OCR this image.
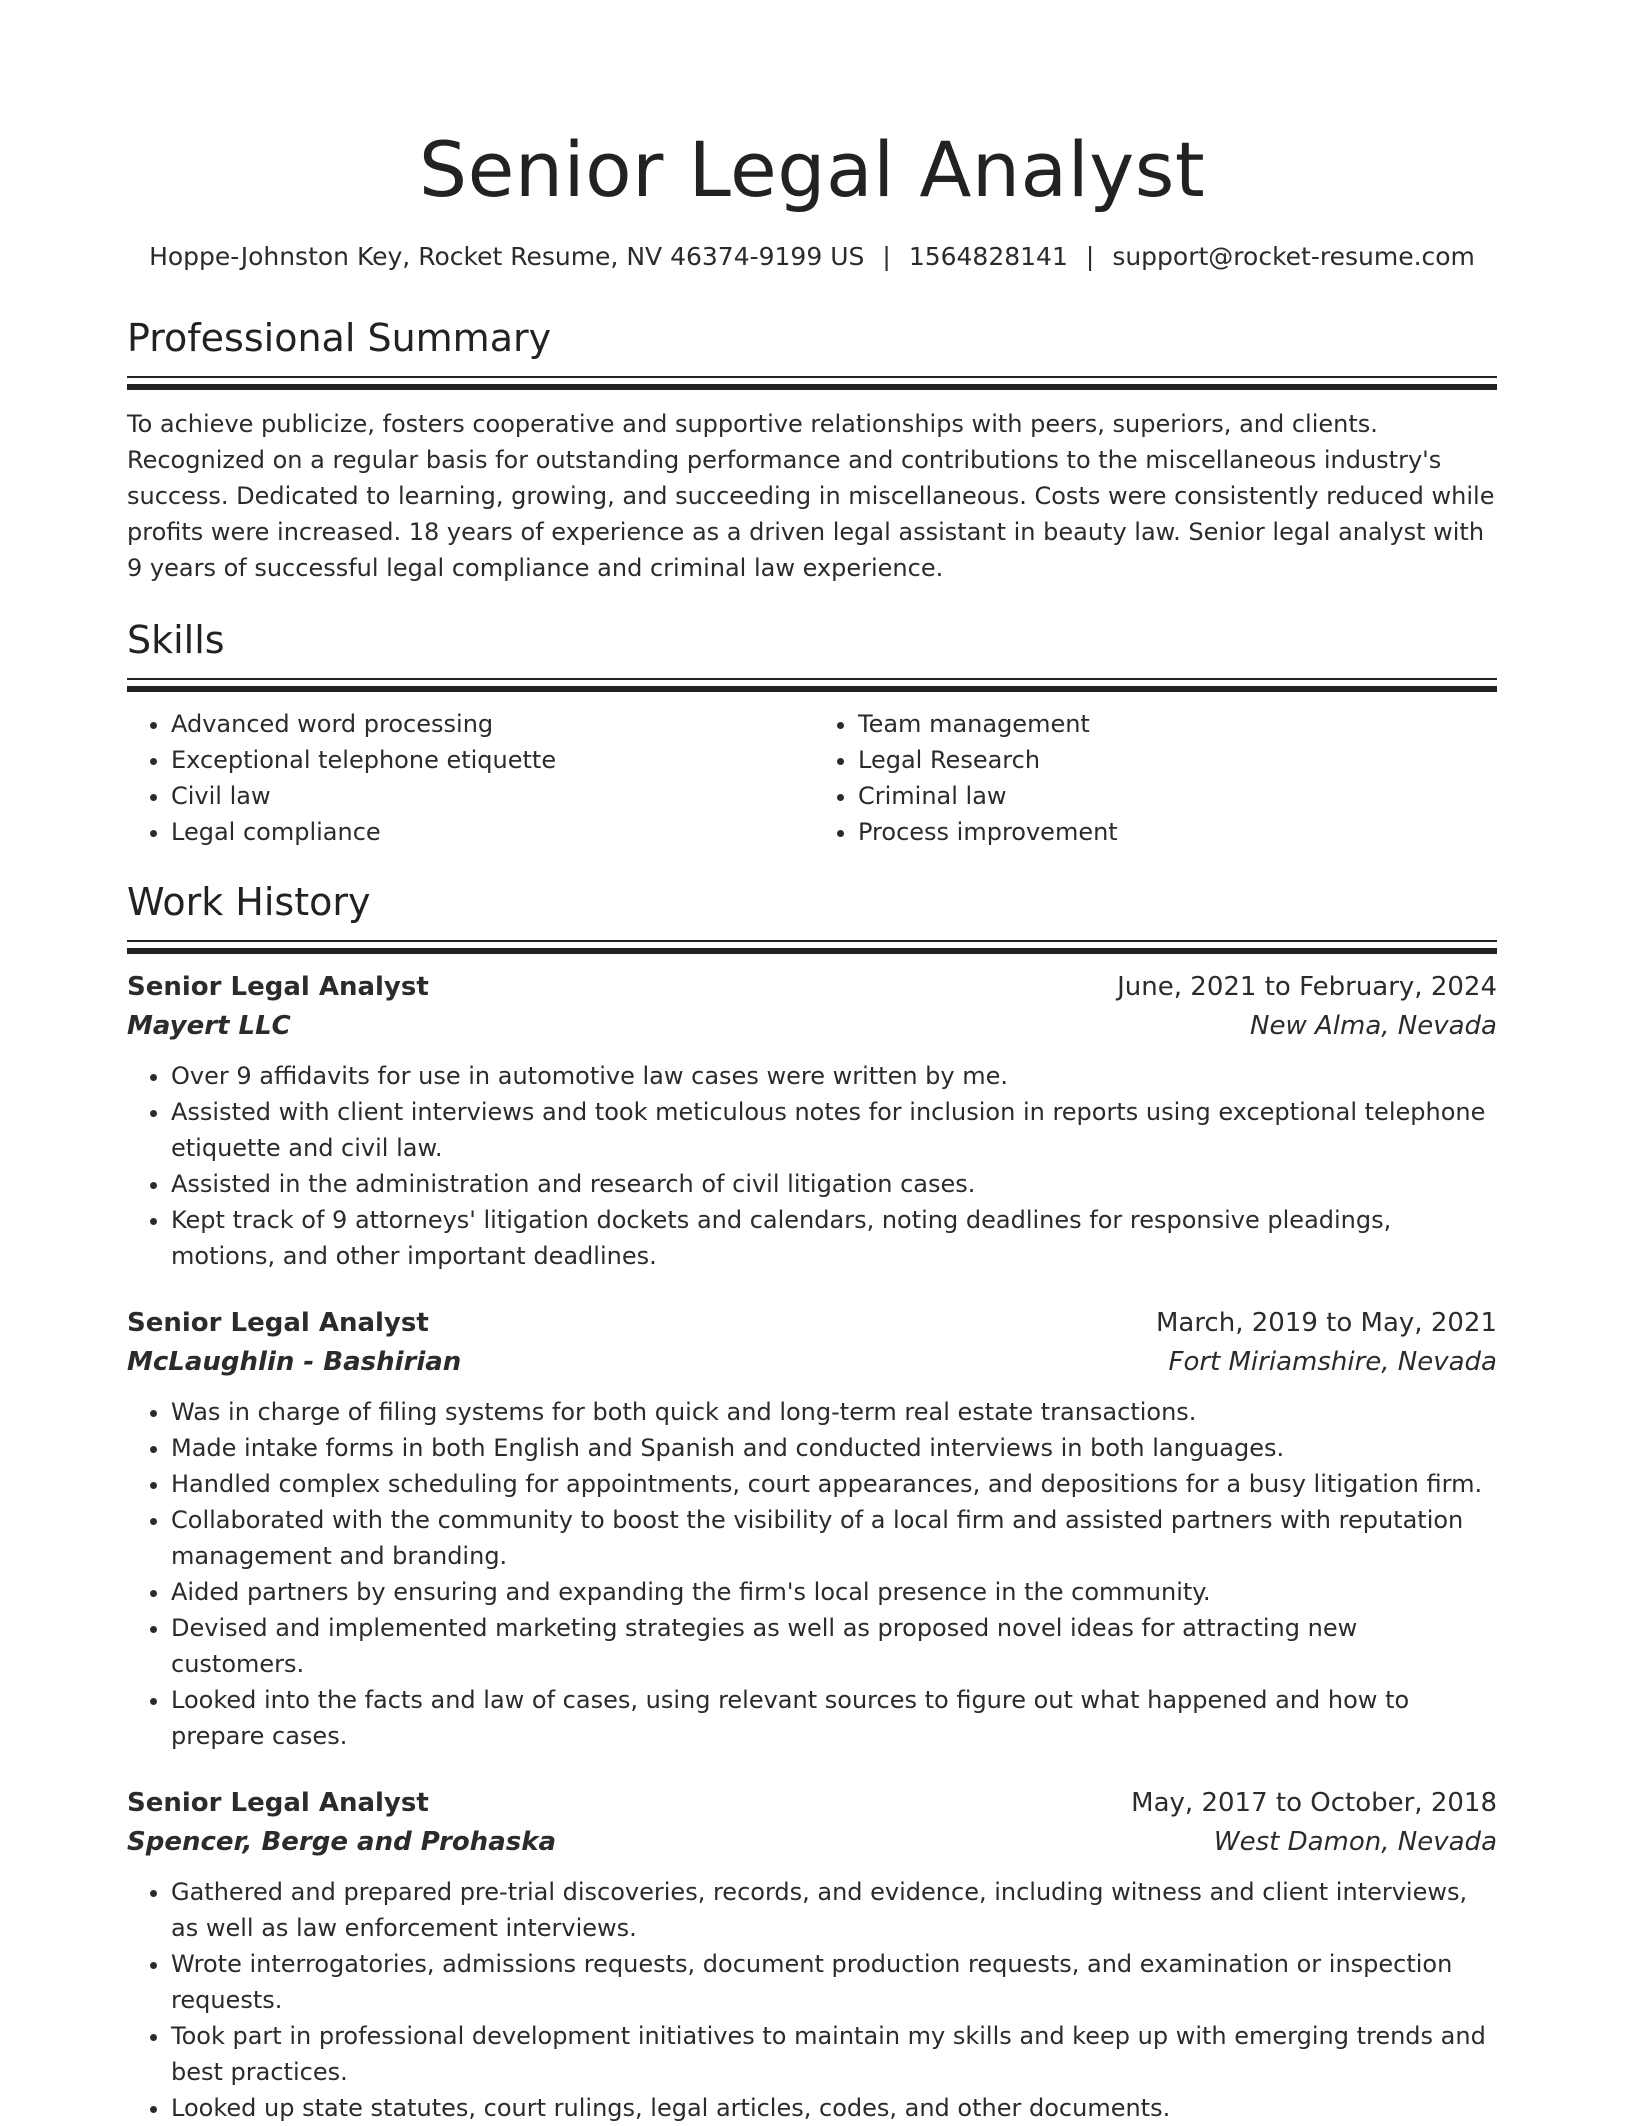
Senior Legal Analyst
Hoppe-Johnston Key, Rocket Resume, NV 46374-9199 US | 1564828141 | support@rocket-resume.com
Professional Summary

To achieve publicize, fosters cooperative and supportive relationships with peers, superiors, and clients. Recognized on a regular basis for outstanding performance and contributions to the miscellaneous industry's success. Dedicated to learning, growing, and succeeding in miscellaneous. Costs were consistently reduced while profits were increased. 18 years of experience as a driven legal assistant in beauty law. Senior legal analyst with 9 years of successful legal compliance and criminal law experience.

Skills
• Advanced word processing
• Exceptional telephone etiquette
• Civil law
• Legal compliance
• Team management
• Legal Research
• Criminal law
• Process improvement
Work History
Senior Legal Analyst	June, 2021 to February, 2024
Mayert LLC	New Alma, Nevada
• Over 9 affidavits for use in automotive law cases were written by me.
• Assisted with client interviews and took meticulous notes for inclusion in reports using exceptional telephone etiquette and civil law.
• Assisted in the administration and research of civil litigation cases.
• Kept track of 9 attorneys' litigation dockets and calendars, noting deadlines for responsive pleadings, motions, and other important deadlines.
Senior Legal Analyst	March, 2019 to May, 2021
McLaughlin - Bashirian	Fort Miriamshire, Nevada
• Was in charge of filing systems for both quick and long-term real estate transactions.
• Made intake forms in both English and Spanish and conducted interviews in both languages.
• Handled complex scheduling for appointments, court appearances, and depositions for a busy litigation firm.
• Collaborated with the community to boost the visibility of a local firm and assisted partners with reputation management and branding.
• Aided partners by ensuring and expanding the firm's local presence in the community.
• Devised and implemented marketing strategies as well as proposed novel ideas for attracting new customers.
• Looked into the facts and law of cases, using relevant sources to figure out what happened and how to prepare cases.
Senior Legal Analyst	May, 2017 to October, 2018
Spencer, Berge and Prohaska	West Damon, Nevada
• Gathered and prepared pre-trial discoveries, records, and evidence, including witness and client interviews, as well as law enforcement interviews.
• Wrote interrogatories, admissions requests, document production requests, and examination or inspection requests.
• Took part in professional development initiatives to maintain my skills and keep up with emerging trends and best practices.
• Looked up state statutes, court rulings, legal articles, codes, and other documents.
